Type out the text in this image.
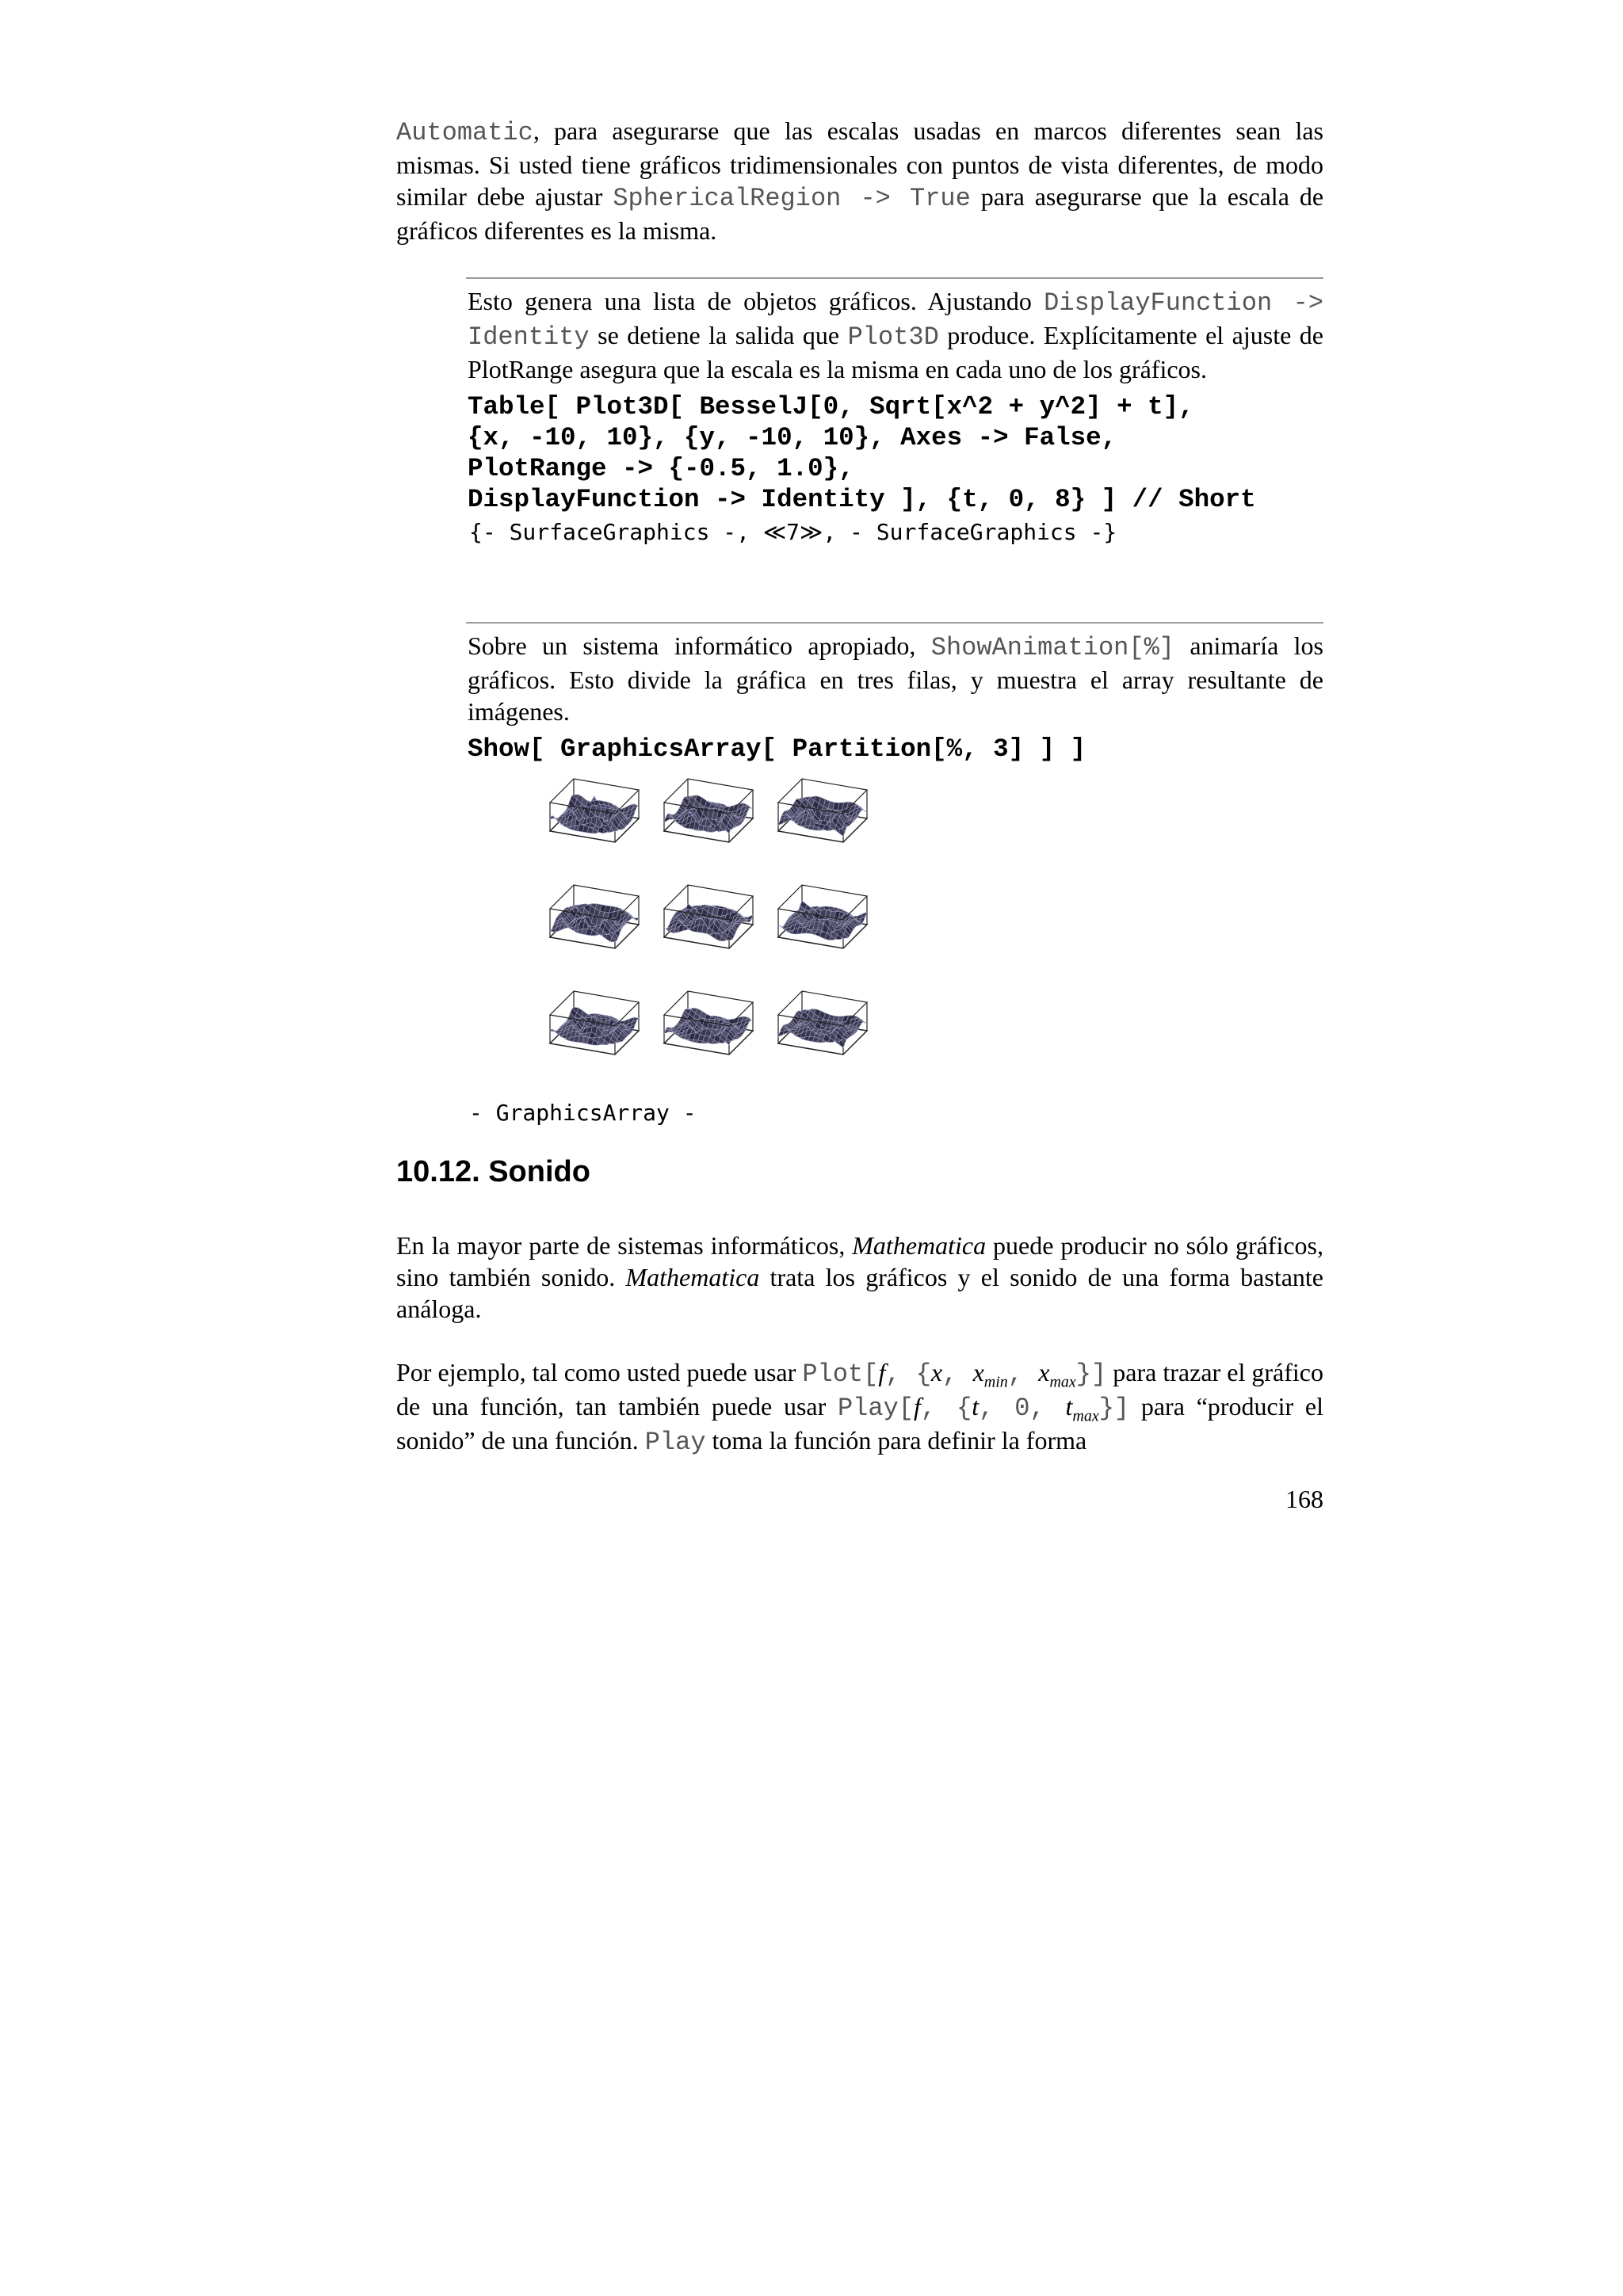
Automatic, para asegurarse que las escalas usadas en marcos diferentes sean las mismas. Si usted tiene gráficos tridimensionales con puntos de vista diferentes, de modo similar debe ajustar SphericalRegion -> True para asegurarse que la escala de gráficos diferentes es la misma.
Esto genera una lista de objetos gráficos. Ajustando DisplayFunction -> Identity se detiene la salida que Plot3D produce. Explícitamente el ajuste de PlotRange asegura que la escala es la misma en cada uno de los gráficos.
Table[ Plot3D[ BesselJ[0, Sqrt[x^2 + y^2] + t],
{x, -10, 10}, {y, -10, 10}, Axes -> False,
PlotRange -> {-0.5, 1.0},
DisplayFunction -> Identity ], {t, 0, 8} ] // Short
{- SurfaceGraphics -, ≪7≫, - SurfaceGraphics -}
Sobre un sistema informático apropiado, ShowAnimation[%] animaría los gráficos. Esto divide la gráfica en tres filas, y muestra el array resultante de imágenes.
Show[ GraphicsArray[ Partition[%, 3] ] ]
- GraphicsArray -
10.12. Sonido
En la mayor parte de sistemas informáticos, Mathematica puede producir no sólo gráficos, sino también sonido. Mathematica trata los gráficos y el sonido de una forma bastante análoga.
Por ejemplo, tal como usted puede usar Plot[f, {x, $x_{min}$, $x_{max}$}] para trazar el gráfico de una función, tan también puede usar Play[f, {t, 0, $t_{max}$}] para “producir el sonido” de una función. Play toma la función para definir la forma
168
